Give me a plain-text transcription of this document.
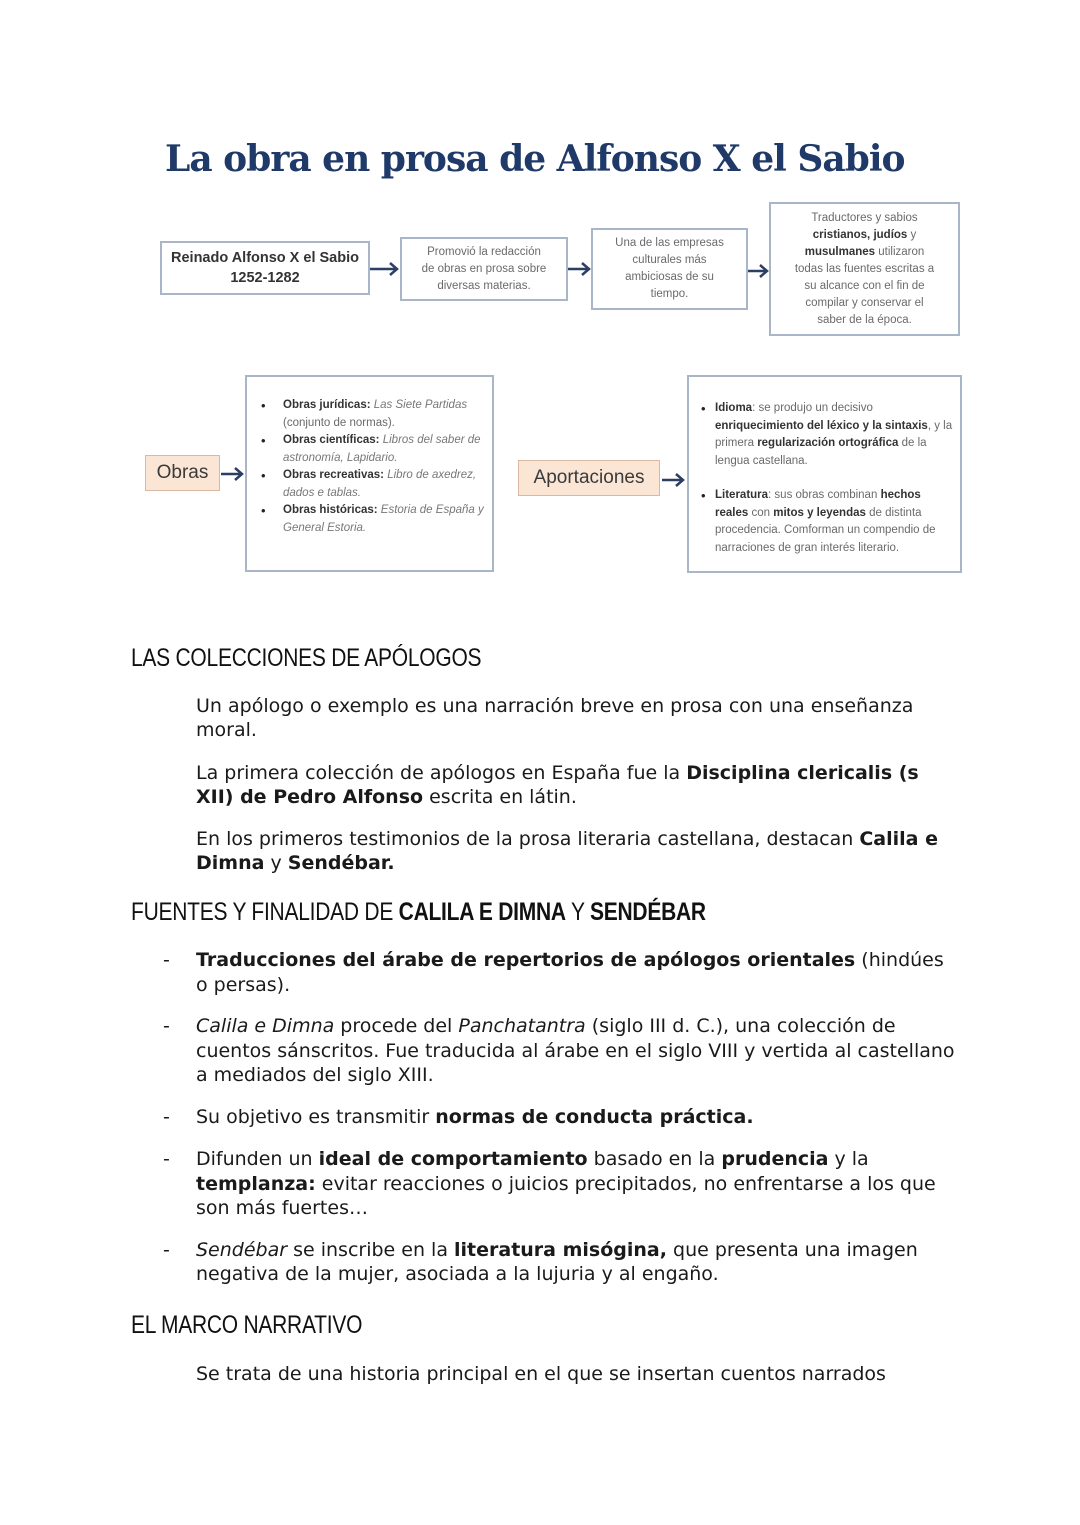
La obra en prosa de Alfonso X el Sabio
Reinado Alfonso X el Sabio
1252-1282
Promovió la redacción
de obras en prosa sobre
diversas materias.
Una de las empresas
culturales más
ambiciosas de su
tiempo.
Traductores y sabios
cristianos, judíos y
musulmanes utilizaron
todas las fuentes escritas a
su alcance con el fin de
compilar y conservar el
saber de la época.
Obras
• Obras jurídicas: Las Siete Partidas (conjunto de normas).
• Obras científicas: Libros del saber de astronomía, Lapidario.
• Obras recreativas: Libro de axedrez, dados e tablas.
• Obras históricas: Estoria de España y General Estoria.
Aportaciones
• Idioma: se produjo un decisivo enriquecimiento del léxico y la sintaxis, y la primera regularización ortográfica de la lengua castellana.
• Literatura: sus obras combinan hechos reales con mitos y leyendas de distinta procedencia. Comforman un compendio de narraciones de gran interés literario.
LAS COLECCIONES DE APÓLOGOS

Un apólogo o exemplo es una narración breve en prosa con una enseñanza moral.

La primera colección de apólogos en España fue la Disciplina clericalis (s XII) de Pedro Alfonso escrita en látin.

En los primeros testimonios de la prosa literaria castellana, destacan Calila e Dimna y Sendébar.

FUENTES Y FINALIDAD DE CALILA E DIMNA Y SENDÉBAR
- Traducciones del árabe de repertorios de apólogos orientales (hindúes o persas).
- Calila e Dimna procede del Panchatantra (siglo III d. C.), una colección de cuentos sánscritos. Fue traducida al árabe en el siglo VIII y vertida al castellano a mediados del siglo XIII.
- Su objetivo es transmitir normas de conducta práctica.
- Difunden un ideal de comportamiento basado en la prudencia y la templanza: evitar reacciones o juicios precipitados, no enfrentarse a los que son más fuertes…
- Sendébar se inscribe en la literatura misógina, que presenta una imagen negativa de la mujer, asociada a la lujuria y al engaño.
EL MARCO NARRATIVO

Se trata de una historia principal en el que se insertan cuentos narrados
